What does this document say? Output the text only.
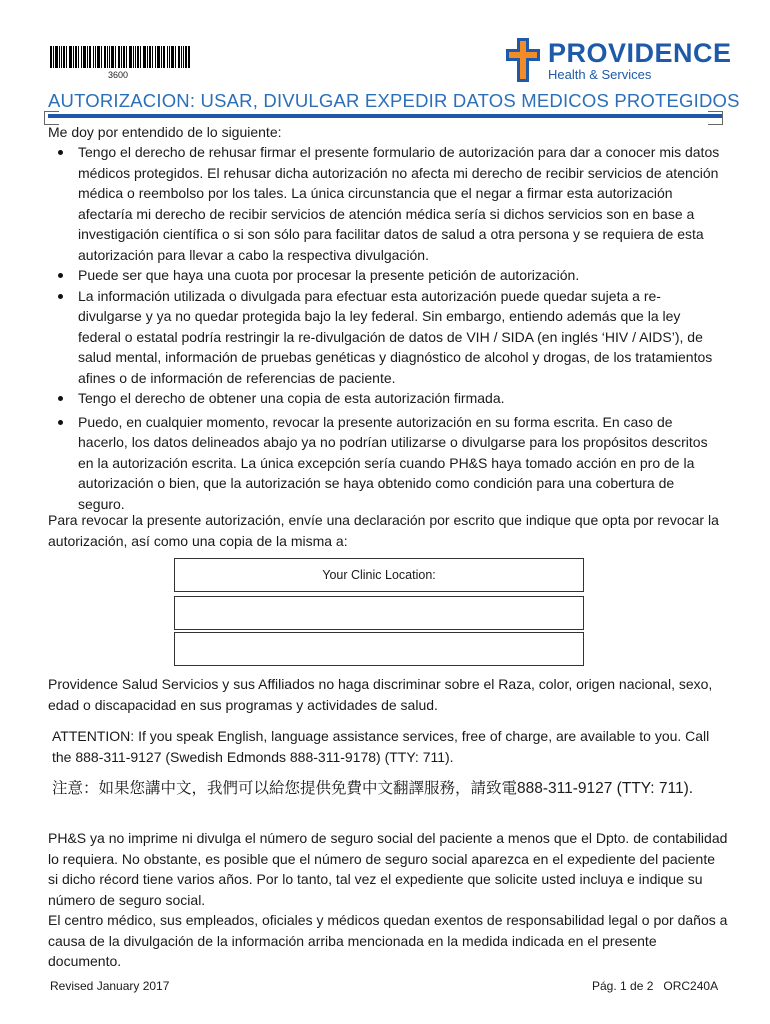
3600
PROVIDENCE
Health & Services
AUTORIZACION: USAR, DIVULGAR EXPEDIR DATOS MEDICOS PROTEGIDOS
Me doy por entendido de lo siguiente:
Tengo el derecho de rehusar firmar el presente formulario de autorización para dar a conocer mis datos médicos protegidos. El rehusar dicha autorización no afecta mi derecho de recibir servicios de atención médica o reembolso por los tales. La única circunstancia que el negar a firmar esta autorización afectaría mi derecho de recibir servicios de atención médica sería si dichos servicios son en base a investigación científica o si son sólo para facilitar datos de salud a otra persona y se requiera de esta autorización para llevar a cabo la respectiva divulgación.
Puede ser que haya una cuota por procesar la presente petición de autorización.
La información utilizada o divulgada para efectuar esta autorización puede quedar sujeta a re-divulgarse y ya no quedar protegida bajo la ley federal. Sin embargo, entiendo además que la ley federal o estatal podría restringir la re-divulgación de datos de VIH / SIDA (en inglés ‘HIV / AIDS’), de salud mental, información de pruebas genéticas y diagnóstico de alcohol y drogas, de los tratamientos afines o de información de referencias de paciente.
Tengo el derecho de obtener una copia de esta autorización firmada.
Puedo, en cualquier momento, revocar la presente autorización en su forma escrita. En caso de hacerlo, los datos delineados abajo ya no podrían utilizarse o divulgarse para los propósitos descritos en la autorización escrita. La única excepción sería cuando PH&S haya tomado acción en pro de la autorización o bien, que la autorización se haya obtenido como condición para una cobertura de seguro.
Para revocar la presente autorización, envíe una declaración por escrito que indique que opta por revocar la autorización, así como una copia de la misma a:
Your Clinic Location:
Providence Salud Servicios y sus Affiliados no haga discriminar sobre el Raza, color, origen nacional, sexo, edad o discapacidad en sus programas y actividades de salud.
ATTENTION: If you speak English, language assistance services, free of charge, are available to you. Call the 888-311-9127 (Swedish Edmonds 888-311-9178) (TTY: 711).
注意：如果您講中文，我們可以給您提供免費中文翻譯服務，請致電888-311-9127 (TTY: 711).
PH&S ya no imprime ni divulga el número de seguro social del paciente a menos que el Dpto. de contabilidad lo requiera. No obstante, es posible que el número de seguro social aparezca en el expediente del paciente si dicho récord tiene varios años. Por lo tanto, tal vez el expediente que solicite usted incluya e indique su número de seguro social.
El centro médico, sus empleados, oficiales y médicos quedan exentos de responsabilidad legal o por daños a causa de la divulgación de la información arriba mencionada en la medida indicada en el presente documento.
Revised January 2017	Pág. 1 de 2   ORC240A
